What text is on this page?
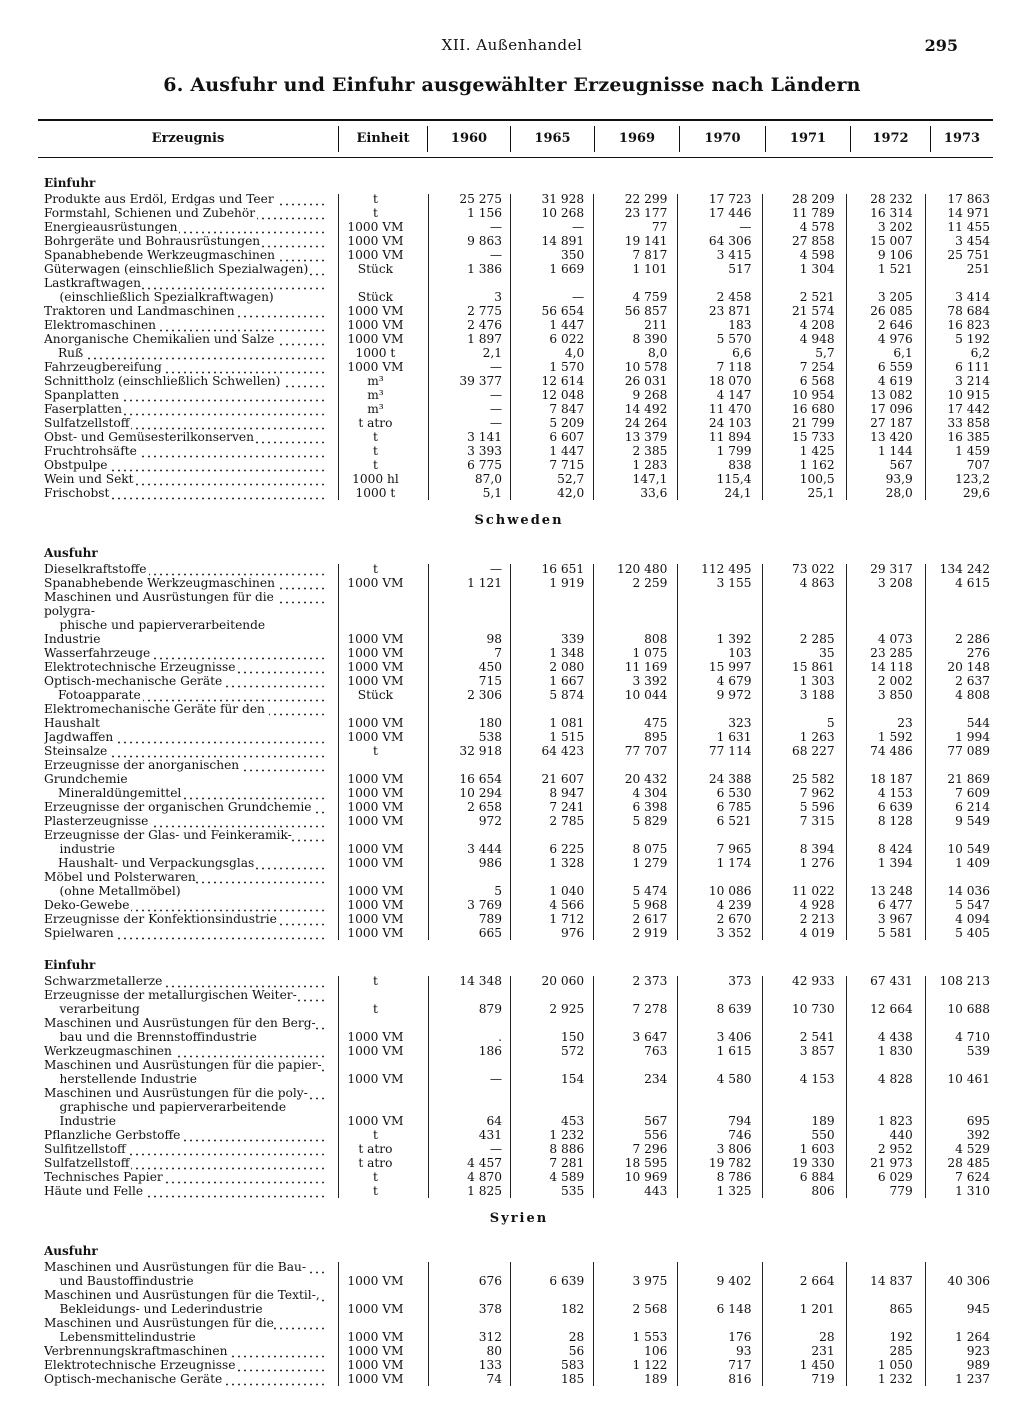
XII. Außenhandel	295
6. Ausfuhr und Einfuhr ausgewählter Erzeugnisse nach Ländern
Erzeugnis	Einheit	1960	1965	1969	1970	1971	1972	1973
Einfuhr
Produkte aus Erdöl, Erdgas und Teer	t	25 275	31 928	22 299	17 723	28 209	28 232	17 863
Formstahl, Schienen und Zubehör	t	1 156	10 268	23 177	17 446	11 789	16 314	14 971
Energieausrüstungen	1000 VM	—	—	77	—	4 578	3 202	11 455
Bohrgeräte und Bohrausrüstungen	1000 VM	9 863	14 891	19 141	64 306	27 858	15 007	3 454
Spanabhebende Werkzeugmaschinen	1000 VM	—	350	7 817	3 415	4 598	9 106	25 751
Güterwagen (einschließlich Spezialwagen)	Stück	1 386	1 669	1 101	517	1 304	1 521	251
Lastkraftwagen
(einschließlich Spezialkraftwagen)	Stück	3	—	4 759	2 458	2 521	3 205	3 414
Traktoren und Landmaschinen	1000 VM	2 775	56 654	56 857	23 871	21 574	26 085	78 684
Elektromaschinen	1000 VM	2 476	1 447	211	183	4 208	2 646	16 823
Anorganische Chemikalien und Salze	1000 VM	1 897	6 022	8 390	5 570	4 948	4 976	5 192
Ruß	1000 t	2,1	4,0	8,0	6,6	5,7	6,1	6,2
Fahrzeugbereifung	1000 VM	—	1 570	10 578	7 118	7 254	6 559	6 111
Schnittholz (einschließlich Schwellen)	m³	39 377	12 614	26 031	18 070	6 568	4 619	3 214
Spanplatten	m³	—	12 048	9 268	4 147	10 954	13 082	10 915
Faserplatten	m³	—	7 847	14 492	11 470	16 680	17 096	17 442
Sulfatzellstoff	t atro	—	5 209	24 264	24 103	21 799	27 187	33 858
Obst- und Gemüsesterilkonserven	t	3 141	6 607	13 379	11 894	15 733	13 420	16 385
Fruchtrohsäfte	t	3 393	1 447	2 385	1 799	1 425	1 144	1 459
Obstpulpe	t	6 775	7 715	1 283	838	1 162	567	707
Wein und Sekt	1000 hl	87,0	52,7	147,1	115,4	100,5	93,9	123,2
Frischobst	1000 t	5,1	42,0	33,6	24,1	25,1	28,0	29,6
Schweden
Ausfuhr
Dieselkraftstoffe	t	—	16 651	120 480	112 495	73 022	29 317	134 242
Spanabhebende Werkzeugmaschinen	1000 VM	1 121	1 919	2 259	3 155	4 863	3 208	4 615
Maschinen und Ausrüstungen für die polygra-
phische und papierverarbeitende Industrie	1000 VM	98	339	808	1 392	2 285	4 073	2 286
Wasserfahrzeuge	1000 VM	7	1 348	1 075	103	35	23 285	276
Elektrotechnische Erzeugnisse	1000 VM	450	2 080	11 169	15 997	15 861	14 118	20 148
Optisch-mechanische Geräte	1000 VM	715	1 667	3 392	4 679	1 303	2 002	2 637
Fotoapparate	Stück	2 306	5 874	10 044	9 972	3 188	3 850	4 808
Elektromechanische Geräte für den Haushalt	1000 VM	180	1 081	475	323	5	23	544
Jagdwaffen	1000 VM	538	1 515	895	1 631	1 263	1 592	1 994
Steinsalze	t	32 918	64 423	77 707	77 114	68 227	74 486	77 089
Erzeugnisse der anorganischen Grundchemie	1000 VM	16 654	21 607	20 432	24 388	25 582	18 187	21 869
Mineraldüngemittel	1000 VM	10 294	8 947	4 304	6 530	7 962	4 153	7 609
Erzeugnisse der organischen Grundchemie	1000 VM	2 658	7 241	6 398	6 785	5 596	6 639	6 214
Plasterzeugnisse	1000 VM	972	2 785	5 829	6 521	7 315	8 128	9 549
Erzeugnisse der Glas- und Feinkeramik-
industrie	1000 VM	3 444	6 225	8 075	7 965	8 394	8 424	10 549
Haushalt- und Verpackungsglas	1000 VM	986	1 328	1 279	1 174	1 276	1 394	1 409
Möbel und Polsterwaren
(ohne Metallmöbel)	1000 VM	5	1 040	5 474	10 086	11 022	13 248	14 036
Deko-Gewebe	1000 VM	3 769	4 566	5 968	4 239	4 928	6 477	5 547
Erzeugnisse der Konfektionsindustrie	1000 VM	789	1 712	2 617	2 670	2 213	3 967	4 094
Spielwaren	1000 VM	665	976	2 919	3 352	4 019	5 581	5 405
Einfuhr
Schwarzmetallerze	t	14 348	20 060	2 373	373	42 933	67 431	108 213
Erzeugnisse der metallurgischen Weiter-
verarbeitung	t	879	2 925	7 278	8 639	10 730	12 664	10 688
Maschinen und Ausrüstungen für den Berg-
bau und die Brennstoffindustrie	1000 VM	.	150	3 647	3 406	2 541	4 438	4 710
Werkzeugmaschinen	1000 VM	186	572	763	1 615	3 857	1 830	539
Maschinen und Ausrüstungen für die papier-
herstellende Industrie	1000 VM	—	154	234	4 580	4 153	4 828	10 461
Maschinen und Ausrüstungen für die poly-
graphische und papierverarbeitende
Industrie	1000 VM	64	453	567	794	189	1 823	695
Pflanzliche Gerbstoffe	t	431	1 232	556	746	550	440	392
Sulfitzellstoff	t atro	—	8 886	7 296	3 806	1 603	2 952	4 529
Sulfatzellstoff	t atro	4 457	7 281	18 595	19 782	19 330	21 973	28 485
Technisches Papier	t	4 870	4 589	10 969	8 786	6 884	6 029	7 624
Häute und Felle	t	1 825	535	443	1 325	806	779	1 310
Syrien
Ausfuhr
Maschinen und Ausrüstungen für die Bau-
und Baustoffindustrie	1000 VM	676	6 639	3 975	9 402	2 664	14 837	40 306
Maschinen und Ausrüstungen für die Textil-,
Bekleidungs- und Lederindustrie	1000 VM	378	182	2 568	6 148	1 201	865	945
Maschinen und Ausrüstungen für die
Lebensmittelindustrie	1000 VM	312	28	1 553	176	28	192	1 264
Verbrennungskraftmaschinen	1000 VM	80	56	106	93	231	285	923
Elektrotechnische Erzeugnisse	1000 VM	133	583	1 122	717	1 450	1 050	989
Optisch-mechanische Geräte	1000 VM	74	185	189	816	719	1 232	1 237
